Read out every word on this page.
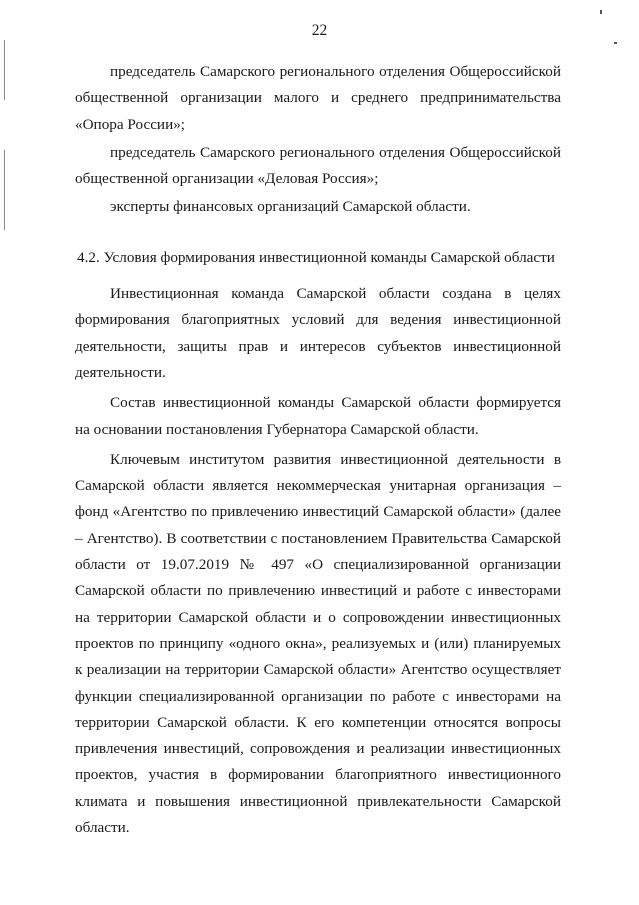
22

председатель Самарского регионального отделения Общероссийской общественной организации малого и среднего предпринимательства «Опора России»;

председатель Самарского регионального отделения Общероссийской общественной организации «Деловая Россия»;

эксперты финансовых организаций Самарской области.

4.2. Условия формирования инвестиционной команды Самарской области

Инвестиционная команда Самарской области создана в целях формирования благоприятных условий для ведения инвестиционной деятельности, защиты прав и интересов субъектов инвестиционной деятельности.

Состав инвестиционной команды Самарской области формируется на основании постановления Губернатора Самарской области.

Ключевым институтом развития инвестиционной деятельности в Самарской области является некоммерческая унитарная организация – фонд «Агентство по привлечению инвестиций Самарской области» (далее – Агентство). В соответствии с постановлением Правительства Самарской области от 19.07.2019 № 497 «О специализированной организации Самарской области по привлечению инвестиций и работе с инвесторами на территории Самарской области и о сопровождении инвестиционных проектов по принципу «одного окна», реализуемых и (или) планируемых к реализации на территории Самарской области» Агентство осуществляет функции специализированной организации по работе с инвесторами на территории Самарской области. К его компетенции относятся вопросы привлечения инвестиций, сопровождения и реализации инвестиционных проектов, участия в формировании благоприятного инвестиционного климата и повышения инвестиционной привлекательности Самарской области.
